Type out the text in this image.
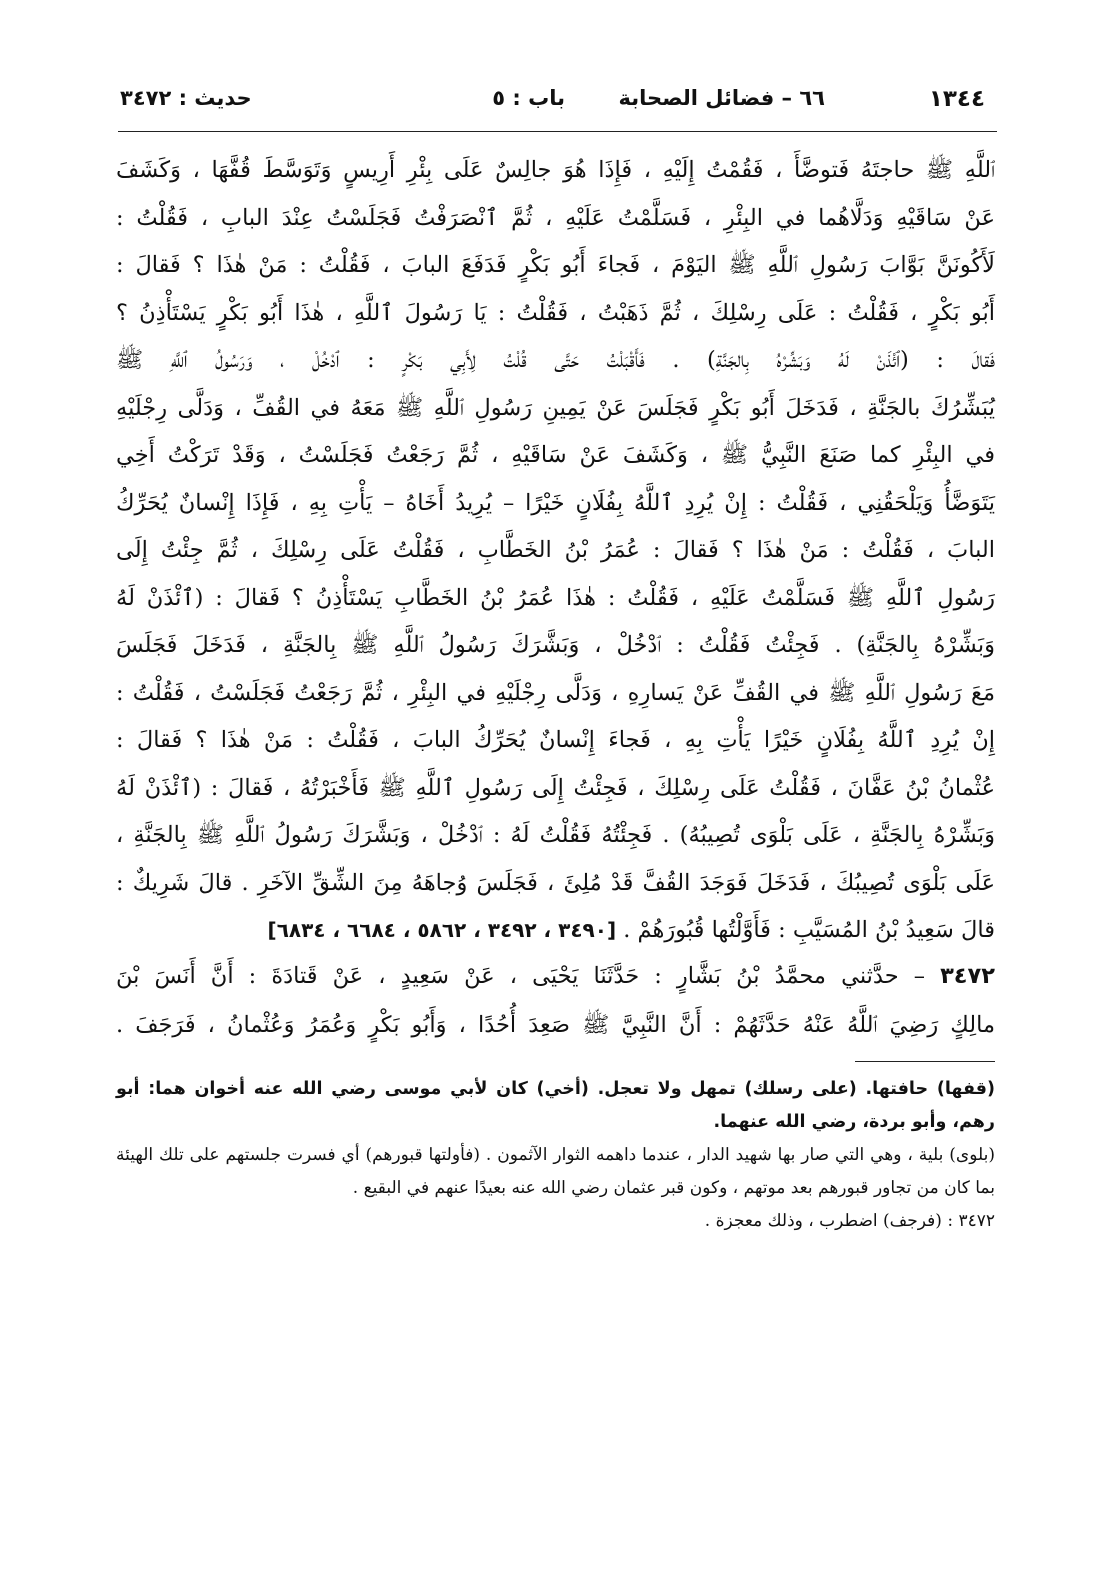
١٣٤٤
٦٦ – فضائل الصحابة
باب : ٥
حديث : ٣٤٧٢

ٱللَّهِ ﷺ حاجتَهُ فَتوضَّأَ ، فَقُمْتُ إِلَيْهِ ، فَإِذَا هُوَ جالِسٌ عَلَى بِئْرِ أَرِيسٍ وَتَوَسَّطَ قُفَّهَا ، وَكَشَفَ

عَنْ سَاقَيْهِ وَدَلَّاهُما في البِئْرِ ، فَسَلَّمْتُ عَلَيْهِ ، ثُمَّ ٱنْصَرَفْتُ فَجَلَسْتُ عِنْدَ البابِ ، فَقُلْتُ :

لَأَكُونَنَّ بَوَّابَ رَسُولِ ٱللَّهِ ﷺ اليَوْمَ ، فَجاءَ أَبُو بَكْرٍ فَدَفَعَ البابَ ، فَقُلْتُ : مَنْ هٰذَا ؟ فَقالَ :

أَبُو بَكْرٍ ، فَقُلْتُ : عَلَى رِسْلِكَ ، ثُمَّ ذَهَبْتُ ، فَقُلْتُ : يَا رَسُولَ ٱللَّهِ ، هٰذَا أَبُو بَكْرٍ يَسْتَأْذِنُ ؟

فَقالَ : (ٱئْذَنْ لَهُ وَبَشِّرْهُ بِالجَنَّةِ) . فَأَقْبَلْتُ حَتَّى قُلْتُ لِأَبِي بَكْرٍ : ٱدْخُلْ ، وَرَسُولُ ٱللَّهِ ﷺ

يُبَشِّرُكَ بالجَنَّةِ ، فَدَخَلَ أَبُو بَكْرٍ فَجَلَسَ عَنْ يَمِينِ رَسُولِ ٱللَّهِ ﷺ مَعَهُ في القُفِّ ، وَدَلَّى رِجْلَيْهِ

في البِئْرِ كما صَنَعَ النَّبِيُّ ﷺ ، وَكَشَفَ عَنْ سَاقَيْهِ ، ثُمَّ رَجَعْتُ فَجَلَسْتُ ، وَقَدْ تَرَكْتُ أَخِي

يَتَوَضَّأُ وَيَلْحَقُنِي ، فَقُلْتُ : إِنْ يُرِدِ ٱللَّهُ بِفُلَانٍ خَيْرًا – يُرِيدُ أَخَاهُ – يَأْتِ بِهِ ، فَإِذَا إِنْسانٌ يُحَرِّكُ

البابَ ، فَقُلْتُ : مَنْ هٰذَا ؟ فَقالَ : عُمَرُ بْنُ الخَطَّابِ ، فَقُلْتُ عَلَى رِسْلِكَ ، ثُمَّ جِئْتُ إِلَى

رَسُولِ ٱللَّهِ ﷺ فَسَلَّمْتُ عَلَيْهِ ، فَقُلْتُ : هٰذَا عُمَرُ بْنُ الخَطَّابِ يَسْتَأْذِنُ ؟ فَقالَ : (ٱئْذَنْ لَهُ

وَبَشِّرْهُ بِالجَنَّةِ) . فَجِئْتُ فَقُلْتُ : ٱدْخُلْ ، وَبَشَّرَكَ رَسُولُ ٱللَّهِ ﷺ بِالجَنَّةِ ، فَدَخَلَ فَجَلَسَ

مَعَ رَسُولِ ٱللَّهِ ﷺ في القُفِّ عَنْ يَسارِهِ ، وَدَلَّى رِجْلَيْهِ في البِئْرِ ، ثُمَّ رَجَعْتُ فَجَلَسْتُ ، فَقُلْتُ :

إِنْ يُرِدِ ٱللَّهُ بِفُلَانٍ خَيْرًا يَأْتِ بِهِ ، فَجاءَ إِنْسانٌ يُحَرِّكُ البابَ ، فَقُلْتُ : مَنْ هٰذَا ؟ فَقالَ :

عُثْمانُ بْنُ عَفَّانَ ، فَقُلْتُ عَلَى رِسْلِكَ ، فَجِئْتُ إِلَى رَسُولِ ٱللَّهِ ﷺ فَأَخْبَرْتُهُ ، فَقالَ : (ٱئْذَنْ لَهُ

وَبَشِّرْهُ بِالجَنَّةِ ، عَلَى بَلْوَى تُصِيبُهُ) . فَجِئْتُهُ فَقُلْتُ لَهُ : ٱدْخُلْ ، وَبَشَّرَكَ رَسُولُ ٱللَّهِ ﷺ بِالجَنَّةِ ،

عَلَى بَلْوَى تُصِيبُكَ ، فَدَخَلَ فَوَجَدَ القُفَّ قَدْ مُلِئَ ، فَجَلَسَ وُجاهَهُ مِنَ الشِّقِّ الآخَرِ . قالَ شَرِيكٌ :

قالَ سَعِيدُ بْنُ المُسَيَّبِ : فَأَوَّلْتُها قُبُورَهُمْ . [٣٤٩٠ ، ٣٤٩٢ ، ٥٨٦٢ ، ٦٦٨٤ ، ٦٨٣٤]

٣٤٧٢ – حدَّثني محمَّدُ بْنُ بَشَّارٍ : حَدَّثَنَا يَحْيَى ، عَنْ سَعِيدٍ ، عَنْ قَتادَةَ : أَنَّ أَنَسَ بْنَ

مالِكٍ رَضِيَ ٱللَّهُ عَنْهُ حَدَّثَهُمْ : أَنَّ النَّبِيَّ ﷺ صَعِدَ أُحُدًا ، وَأَبُو بَكْرٍ وَعُمَرُ وَعُثْمانُ ، فَرَجَفَ .

(قفها) حافتها. (على رسلك) تمهل ولا تعجل. (أخي) كان لأبي موسى رضي الله عنه أخوان هما: أبو رهم، وأبو بردة، رضي الله عنهما.

(بلوى) بلية ، وهي التي صار بها شهيد الدار ، عندما داهمه الثوار الآثمون . (فأولتها قبورهم) أي فسرت جلستهم على تلك الهيئة بما كان من تجاور قبورهم بعد موتهم ، وكون قبر عثمان رضي الله عنه بعيدًا عنهم في البقيع .

٣٤٧٢ : (فرجف) اضطرب ، وذلك معجزة .
